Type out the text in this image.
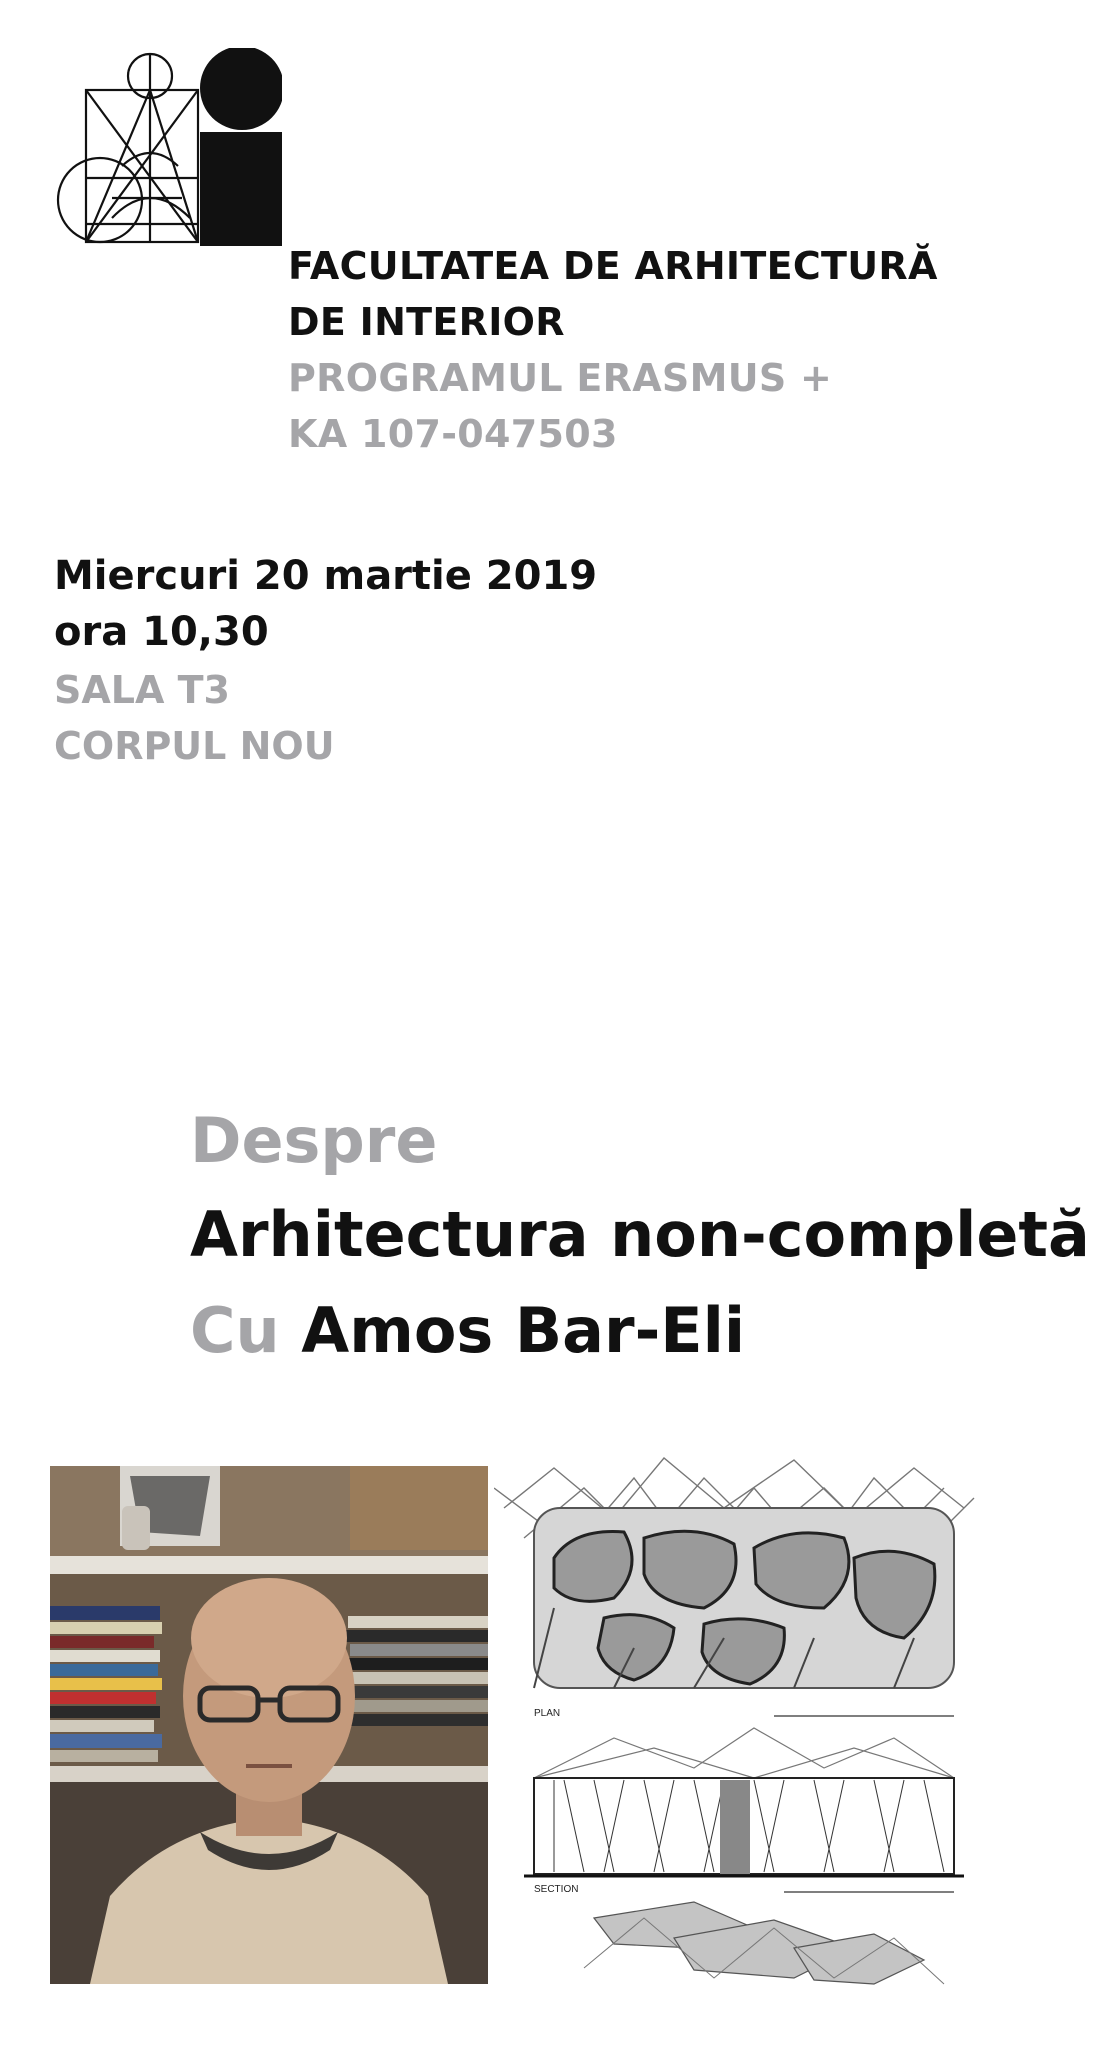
FACULTATEA DE ARHITECTURĂ
DE INTERIOR
PROGRAMUL ERASMUS +
KA 107-047503
Miercuri 20 martie 2019
ora 10,30
SALA T3
CORPUL NOU
Despre
Arhitectura non-completă
Cu Amos Bar-Eli
PLAN
SECTION
